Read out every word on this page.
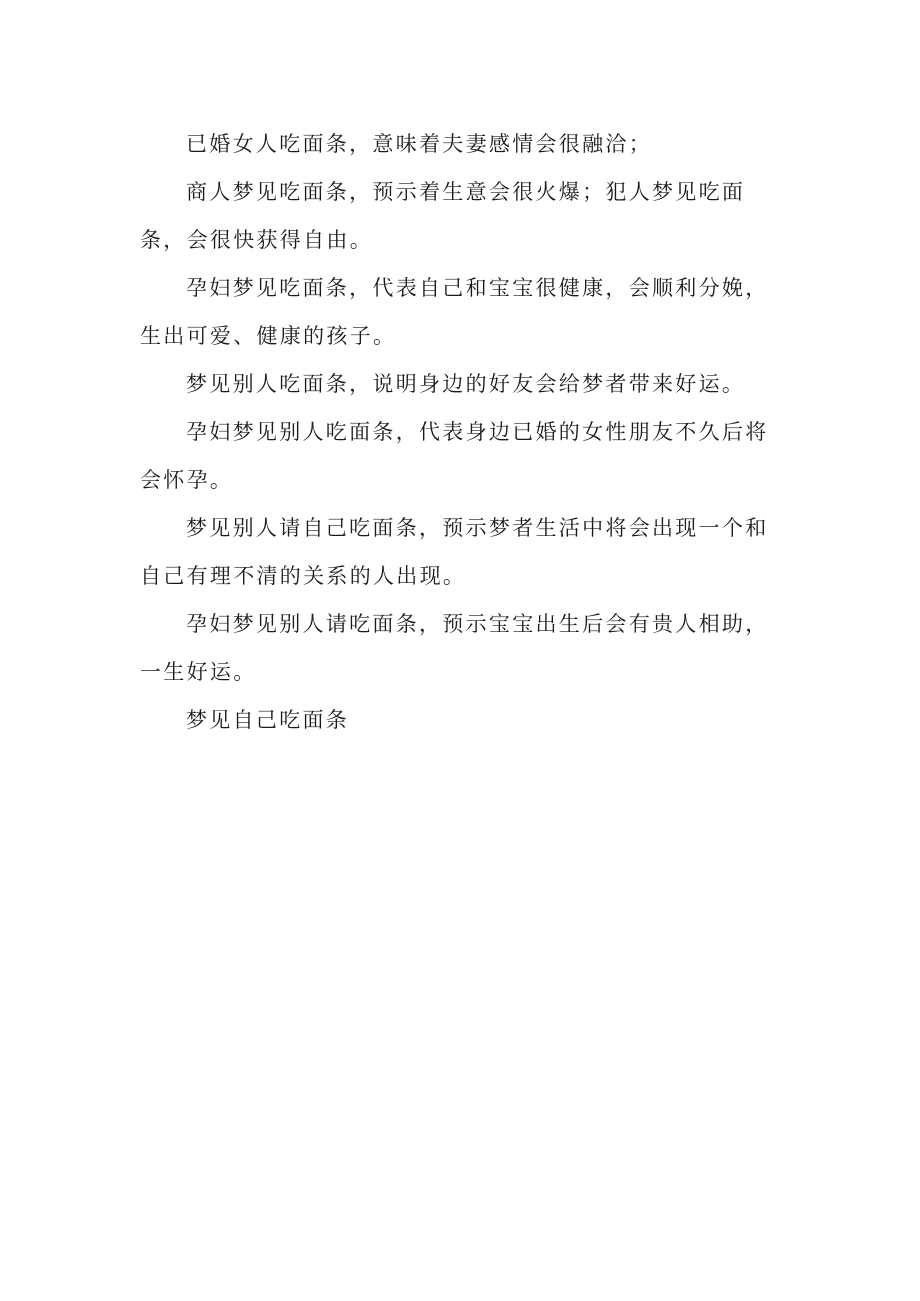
已婚女人吃面条，意味着夫妻感情会很融洽；

商人梦见吃面条，预示着生意会很火爆；犯人梦见吃面条，会很快获得自由。

孕妇梦见吃面条，代表自己和宝宝很健康，会顺利分娩，生出可爱、健康的孩子。

梦见别人吃面条，说明身边的好友会给梦者带来好运。

孕妇梦见别人吃面条，代表身边已婚的女性朋友不久后将会怀孕。

梦见别人请自己吃面条，预示梦者生活中将会出现一个和自己有理不清的关系的人出现。

孕妇梦见别人请吃面条，预示宝宝出生后会有贵人相助，一生好运。

梦见自己吃面条
